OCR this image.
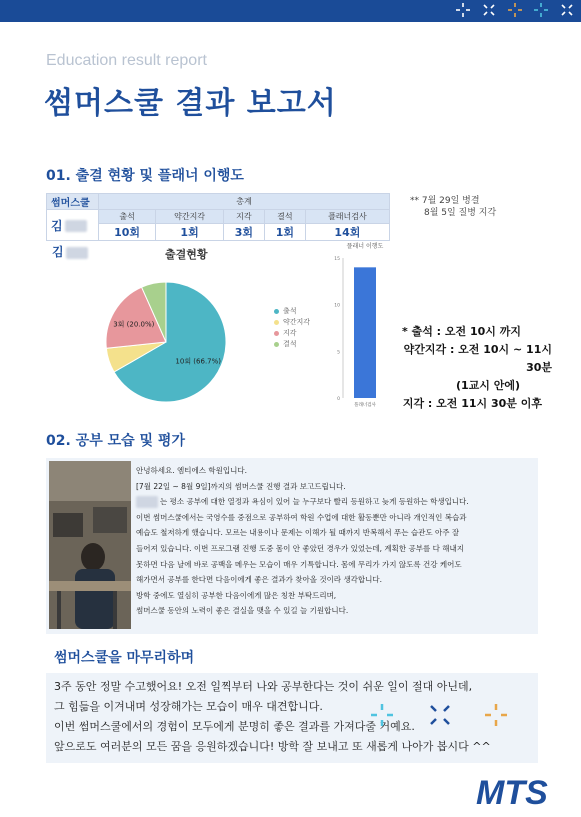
Education result report
썸머스쿨 결과 보고서
01. 출결 현황 및 플래너 이행도
썸머스쿨	총계				
김	출석	약간지각	지각	결석	플래너검사
	10회	1회	3회	1회	14회
김	출결현황
10회 (66.7%)
3회 (20.0%)
출석
약간지각
지각
결석
플래너 이행도
0
5
10
15
플래너검사
** 7월 29일 병결
8월 5일 질병 지각
* 출석 : 오전 10시 까지
약간지각 : 오전 10시 ~ 11시 30분
(1교시 안에)
지각 : 오전 11시 30분 이후
02. 공부 모습 및 평가
안녕하세요. 엠티에스 학원입니다.
[7월 22일 ~ 8월 9일]까지의 썸머스쿨 진행 결과 보고드립니다.
는 평소 공부에 대한 열정과 욕심이 있어 늘 누구보다 빨리 등원하고 늦게 등원하는 학생입니다.
이번 썸머스쿨에서는 국영수를 중점으로 공부하여 학원 수업에 대한 활동뿐만 아니라 개인적인 복습과
예습도 철저하게 했습니다. 모르는 내용이나 문제는 이해가 될 때까지 반복해서 푸는 습관도 아주 잘
들어져 있습니다. 이번 프로그램 진행 도중 몸이 안 좋았던 경우가 있었는데, 계획한 공부를 다 해내지
못하면 다음 날에 바로 공백을 메우는 모습이 매우 기특합니다. 몸에 무리가 가지 않도록 건강 케어도
해가면서 공부를 한다면 다음이에게 좋은 결과가 찾아올 것이라 생각합니다.
방학 중에도 열심히 공부한 다음이에게 많은 칭찬 부탁드리며,
썸머스쿨 동안의 노력이 좋은 결실을 맺을 수 있길 늘 기원합니다.
썸머스쿨을 마무리하며
3주 동안 정말 수고했어요! 오전 일찍부터 나와 공부한다는 것이 쉬운 일이 절대 아닌데,
그 힘듦을 이겨내며 성장해가는 모습이 매우 대견합니다.
이번 썸머스쿨에서의 경험이 모두에게 분명히 좋은 결과를 가져다줄 거예요.
앞으로도 여러분의 모든 꿈을 응원하겠습니다! 방학 잘 보내고 또 새롭게 나아가 봅시다 ^^
MTS
